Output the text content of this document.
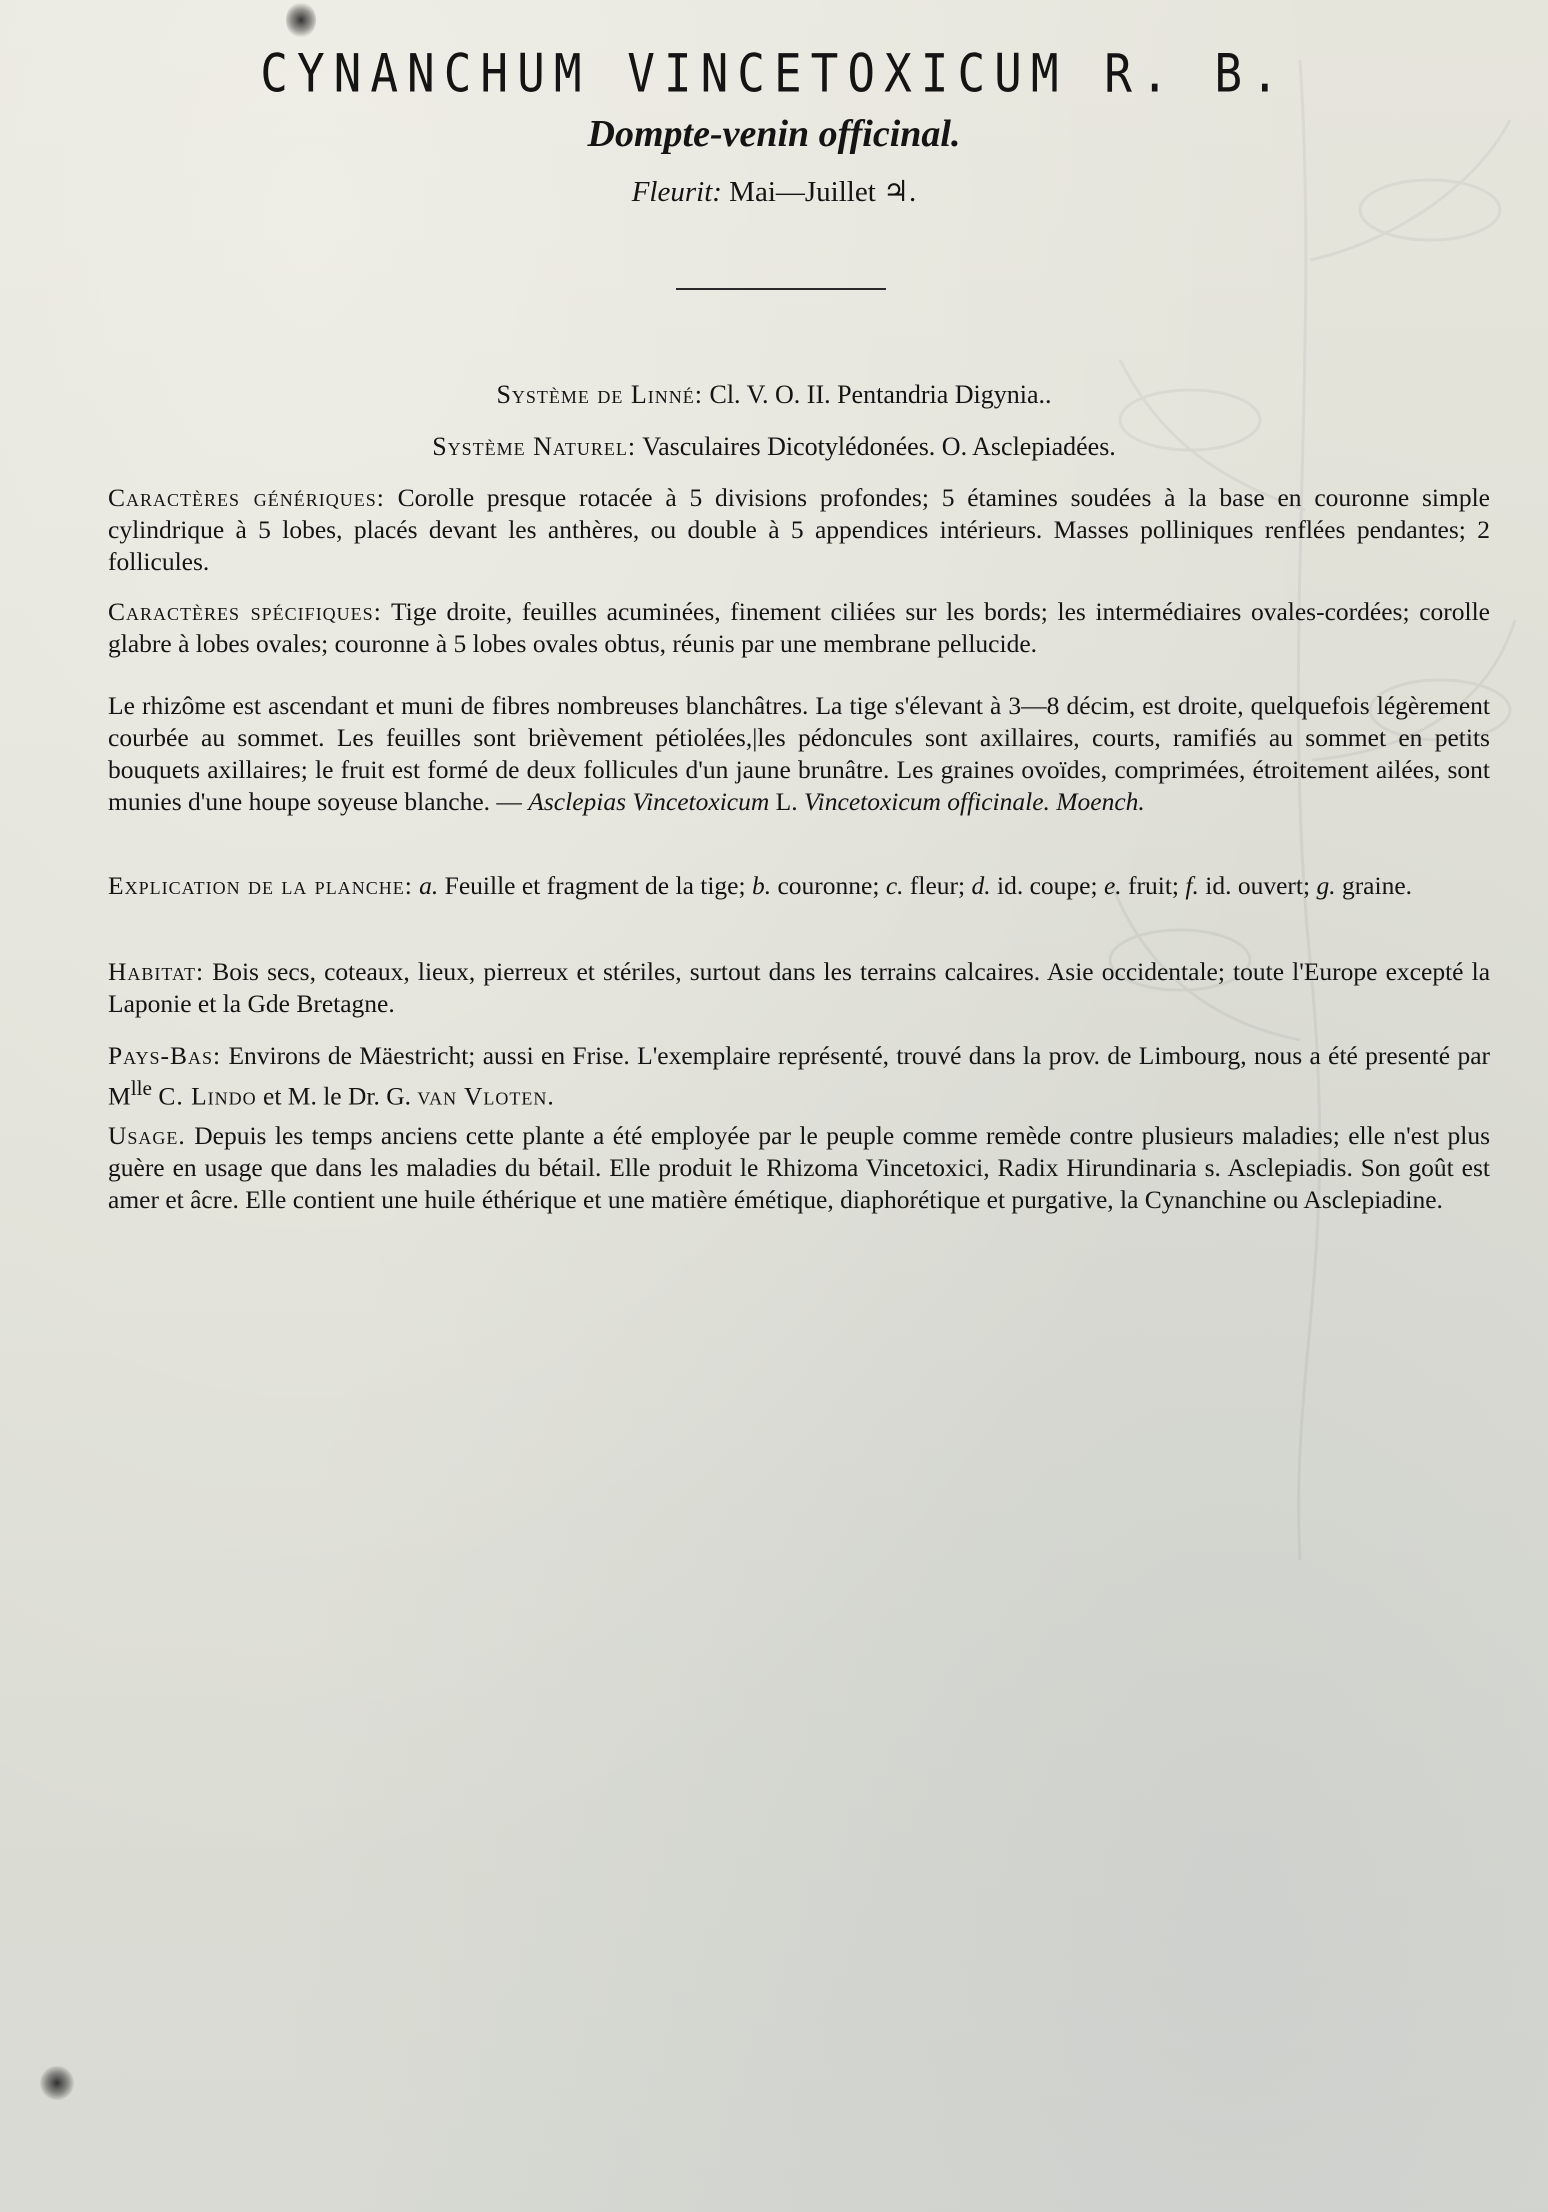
CYNANCHUM VINCETOXICUM R. B.
Dompte-venin officinal.
Fleurit: Mai—Juillet ♃.
Système de Linné: Cl. V. O. II. Pentandria Digynia..
Système Naturel: Vasculaires Dicotylédonées. O. Asclepiadées.

Caractères génériques: Corolle presque rotacée à 5 divisions profondes; 5 étamines soudées à la base en couronne simple cylindrique à 5 lobes, placés devant les anthères, ou double à 5 appendices intérieurs. Masses polliniques renflées pendantes; 2 follicules.

Caractères spécifiques: Tige droite, feuilles acuminées, finement ciliées sur les bords; les intermédiaires ovales-cordées; corolle glabre à lobes ovales; couronne à 5 lobes ovales obtus, réunis par une membrane pellucide.

Le rhizôme est ascendant et muni de fibres nombreuses blanchâtres. La tige s'élevant à 3—8 décim, est droite, quelquefois légèrement courbée au sommet. Les feuilles sont brièvement pétiolées,|les pédoncules sont axillaires, courts, ramifiés au sommet en petits bouquets axillaires; le fruit est formé de deux follicules d'un jaune brunâtre. Les graines ovoïdes, comprimées, étroitement ailées, sont munies d'une houpe soyeuse blanche. — Asclepias Vincetoxicum L. Vincetoxicum officinale. Moench.

Explication de la planche: a. Feuille et fragment de la tige; b. couronne; c. fleur; d. id. coupe; e. fruit; f. id. ouvert; g. graine.

Habitat: Bois secs, coteaux, lieux, pierreux et stériles, surtout dans les terrains calcaires. Asie occidentale; toute l'Europe excepté la Laponie et la Gde Bretagne.

Pays-Bas: Environs de Mäestricht; aussi en Frise. L'exemplaire représenté, trouvé dans la prov. de Limbourg, nous a été presenté par $M^{lle}$ C. Lindo et M. le Dr. G. van Vloten.

Usage. Depuis les temps anciens cette plante a été employée par le peuple comme remède contre plusieurs maladies; elle n'est plus guère en usage que dans les maladies du bétail. Elle produit le Rhizoma Vincetoxici, Radix Hirundinaria s. Asclepiadis. Son goût est amer et âcre. Elle contient une huile éthérique et une matière émétique, diaphorétique et purgative, la Cynanchine ou Asclepiadine.
